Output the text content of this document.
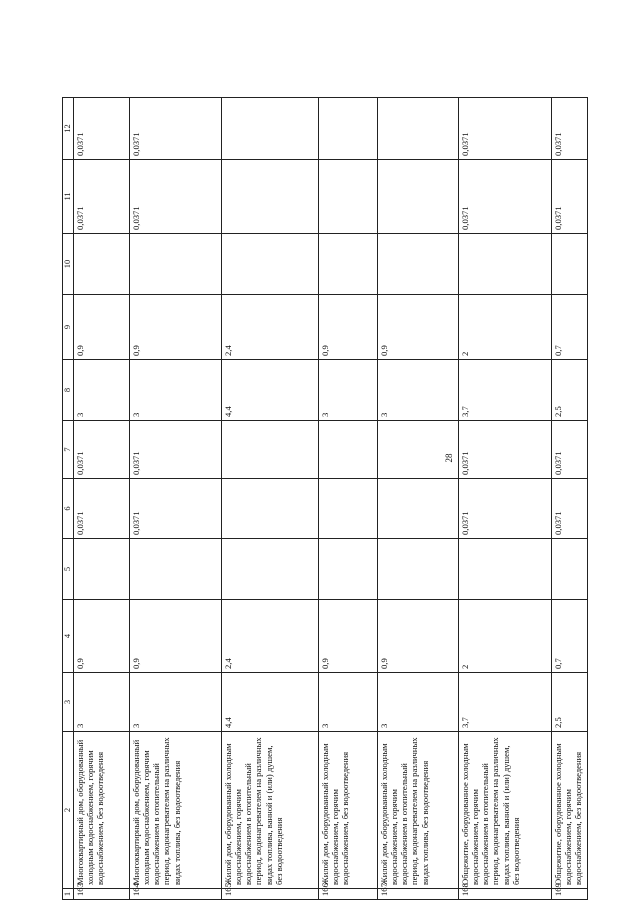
28
1	2	3	4	5	6	7	8	9	10	11	12
163	Многоквартирный дом, оборудованный холодным водоснабжением, горячим водоснабжением, без водоотведения	3	0,9		0,0371	0,0371	3	0,9		0,0371	0,0371
164	Многоквартирный дом, оборудованный холодным водоснабжением, горячим водоснабжением в отопительный период, водонагревателем на различных видах топлива, без водоотведения	3	0,9		0,0371	0,0371	3	0,9		0,0371	0,0371
165	Жилой дом, оборудованный холодным водоснабжением, горячим водоснабжением в отопительный период, водонагревателем на различных видах топлива, ванной и (или) душем, без водоотведения	4,4	2,4				4,4	2,4			
166	Жилой дом, оборудованный холодным водоснабжением, горячим водоснабжением, без водоотведения	3	0,9				3	0,9			
167	Жилой дом, оборудованный холодным водоснабжением, горячим водоснабжением в отопительный период, водонагревателем на различных видах топлива, без водоотведения	3	0,9				3	0,9			
168	Общежитие, оборудованное холодным водоснабжением, горячим водоснабжением в отопительный период, водонагревателем на различных видах топлива, ванной и (или) душем, без водоотведения	3,7	2		0,0371	0,0371	3,7	2		0,0371	0,0371
169	Общежитие, оборудованное холодным водоснабжением, горячим водоснабжением, без водоотведения	2,5	0,7		0,0371	0,0371	2,5	0,7		0,0371	0,0371
